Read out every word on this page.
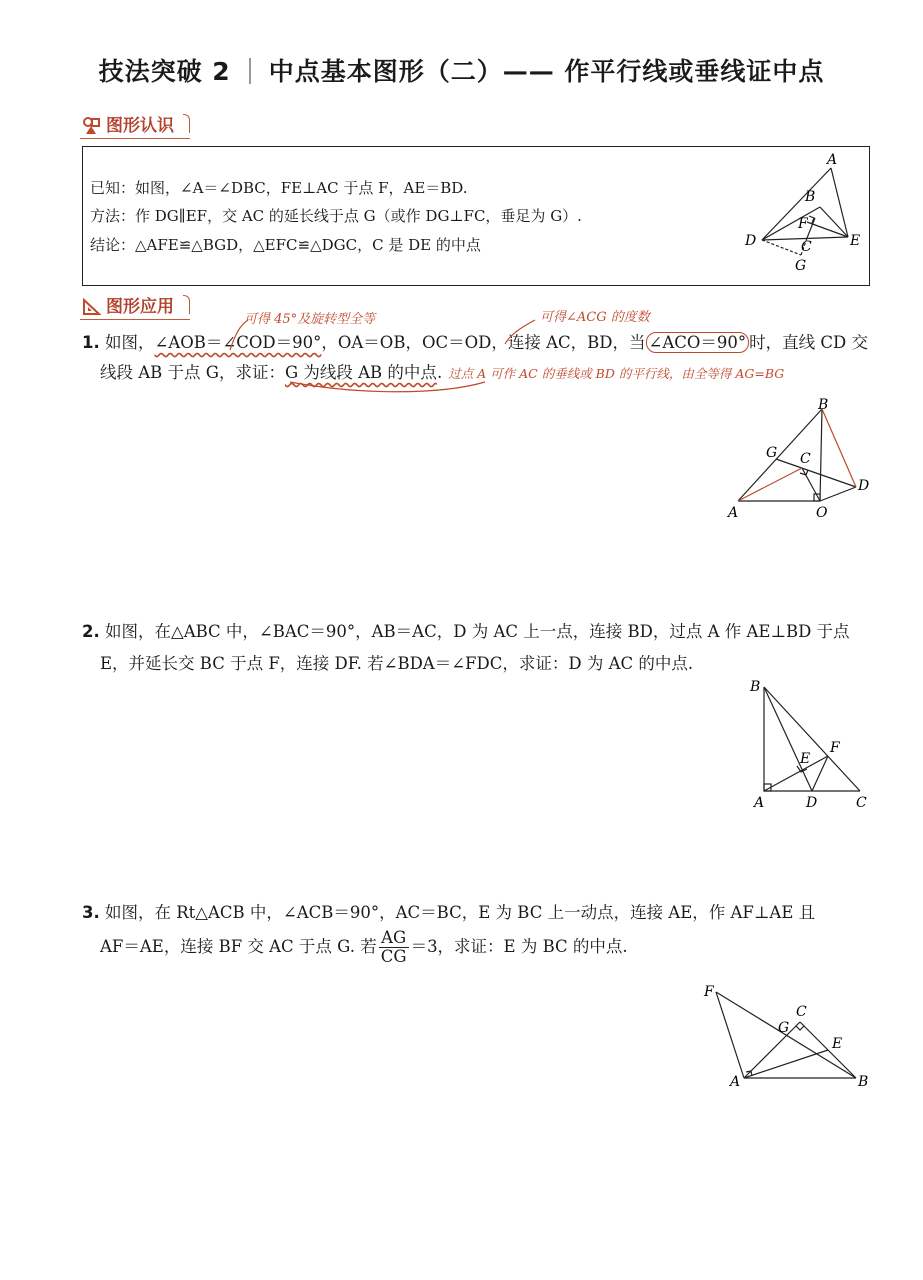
技法突破 2 中点基本图形（二）—— 作平行线或垂线证中点
图形认识
已知：如图，∠A＝∠DBC，FE⊥AC 于点 F，AE＝BD.
方法：作 DG∥EF，交 AC 的延长线于点 G（或作 DG⊥FC，垂足为 G）.
结论：△AFE≌△BGD，△EFC≌△DGC，C 是 DE 的中点
A
B
F
D	C	E
G
图形应用
可得 45°及旋转型全等	可得∠ACG 的度数
1. 如图，∠AOB＝∠COD＝90°，OA＝OB，OC＝OD，连接 AC，BD，当 ∠ACO＝90° 时，直线 CD 交
线段 AB 于点 G，求证：G 为线段 AB 的中点. 过点 A 可作 AC 的垂线或 BD 的平行线，由全等得 AG=BG
B
G C
D
A	O
2. 如图，在△ABC 中，∠BAC＝90°，AB＝AC，D 为 AC 上一点，连接 BD，过点 A 作 AE⊥BD 于点
E，并延长交 BC 于点 F，连接 DF. 若∠BDA＝∠FDC，求证：D 为 AC 的中点.
B
E
F
A	D	C
3. 如图，在 Rt△ACB 中，∠ACB＝90°，AC＝BC，E 为 BC 上一动点，连接 AE，作 AF⊥AE 且
AF＝AE，连接 BF 交 AC 于点 G. 若 $\frac{AG}{CG} =3$，求证：E 为 BC 的中点.
F
C
G
E
A	B
